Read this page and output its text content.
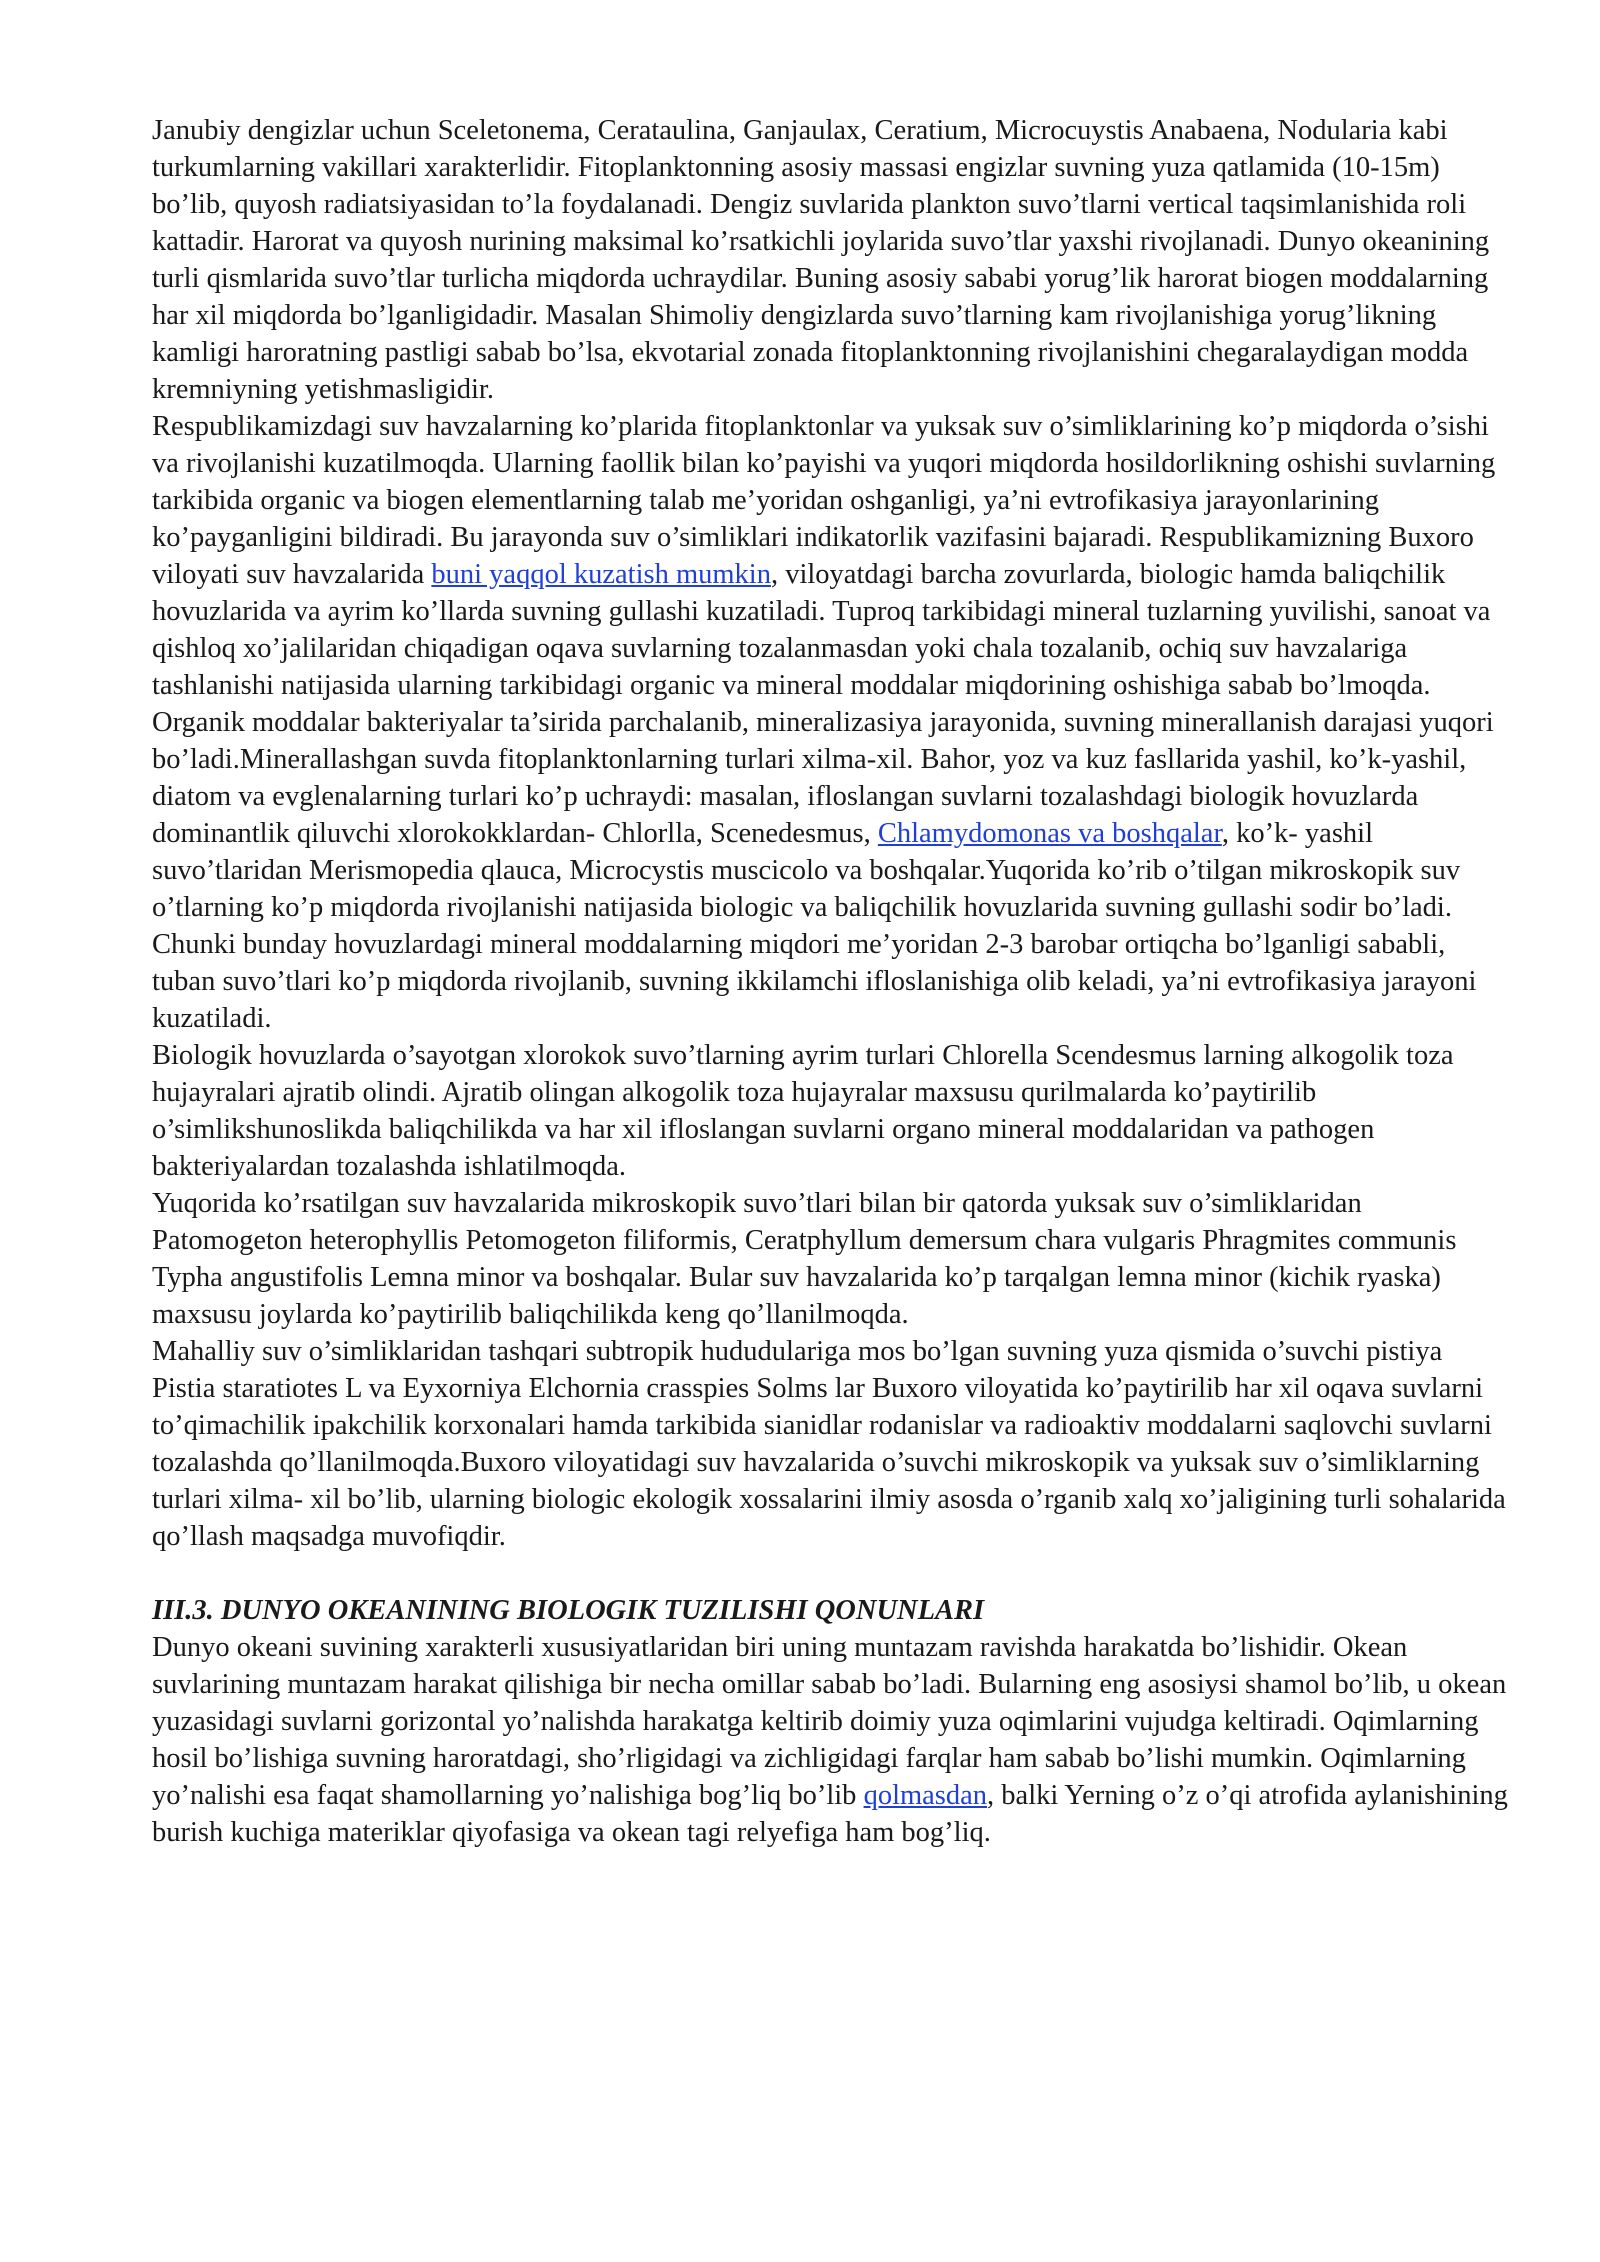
Janubiy dengizlar uchun Sceletonema, Cerataulina, Ganjaulax, Ceratium, Microcuystis Anabaena, Nodularia kabi turkumlarning vakillari xarakterlidir. Fitoplanktonning asosiy massasi engizlar suvning yuza qatlamida (10-15m) bo’lib, quyosh radiatsiyasidan to’la foydalanadi. Dengiz suvlarida plankton suvo’tlarni vertical taqsimlanishida roli kattadir. Harorat va quyosh nurining maksimal ko’rsatkichli joylarida suvo’tlar yaxshi rivojlanadi. Dunyo okeanining turli qismlarida suvo’tlar turlicha miqdorda uchraydilar. Buning asosiy sababi yorug’lik harorat biogen moddalarning har xil miqdorda bo’lganligidadir. Masalan Shimoliy dengizlarda suvo’tlarning kam rivojlanishiga yorug’likning kamligi haroratning pastligi sabab bo’lsa, ekvotarial zonada fitoplanktonning rivojlanishini chegaralaydigan modda kremniyning yetishmasligidir.

Respublikamizdagi suv havzalarning ko’plarida fitoplanktonlar va yuksak suv o’simliklarining ko’p miqdorda o’sishi va rivojlanishi kuzatilmoqda. Ularning faollik bilan ko’payishi va yuqori miqdorda hosildorlikning oshishi suvlarning tarkibida organic va biogen elementlarning talab me’yoridan oshganligi, ya’ni evtrofikasiya jarayonlarining ko’payganligini bildiradi. Bu jarayonda suv o’simliklari indikatorlik vazifasini bajaradi. Respublikamizning Buxoro viloyati suv havzalarida buni yaqqol kuzatish mumkin, viloyatdagi barcha zovurlarda, biologic hamda baliqchilik hovuzlarida va ayrim ko’llarda suvning gullashi kuzatiladi. Tuproq tarkibidagi mineral tuzlarning yuvilishi, sanoat va qishloq xo’jalilaridan chiqadigan oqava suvlarning tozalanmasdan yoki chala tozalanib, ochiq suv havzalariga tashlanishi natijasida ularning tarkibidagi organic va mineral moddalar miqdorining oshishiga sabab bo’lmoqda. Organik moddalar bakteriyalar ta’sirida parchalanib, mineralizasiya jarayonida, suvning minerallanish darajasi yuqori bo’ladi.Minerallashgan suvda fitoplanktonlarning turlari xilma-xil. Bahor, yoz va kuz fasllarida yashil, ko’k-yashil, diatom va evglenalarning turlari ko’p uchraydi: masalan, ifloslangan suvlarni tozalashdagi biologik hovuzlarda dominantlik qiluvchi xlorokokklardan- Chlorlla, Scenedesmus, Chlamydomonas va boshqalar, ko’k- yashil suvo’tlaridan Merismopedia qlauca, Microcystis muscicolo va boshqalar.Yuqorida ko’rib o’tilgan mikroskopik suv o’tlarning ko’p miqdorda rivojlanishi natijasida biologic va baliqchilik hovuzlarida suvning gullashi sodir bo’ladi. Chunki bunday hovuzlardagi mineral moddalarning miqdori me’yoridan 2-3 barobar ortiqcha bo’lganligi sababli, tuban suvo’tlari ko’p miqdorda rivojlanib, suvning ikkilamchi ifloslanishiga olib keladi, ya’ni evtrofikasiya jarayoni kuzatiladi.

Biologik hovuzlarda o’sayotgan xlorokok suvo’tlarning ayrim turlari Chlorella Scendesmus larning alkogolik toza hujayralari ajratib olindi. Ajratib olingan alkogolik toza hujayralar maxsusu qurilmalarda ko’paytirilib o’simlikshunoslikda baliqchilikda va har xil ifloslangan suvlarni organo mineral moddalaridan va pathogen bakteriyalardan tozalashda ishlatilmoqda.

Yuqorida ko’rsatilgan suv havzalarida mikroskopik suvo’tlari bilan bir qatorda yuksak suv o’simliklaridan Patomogeton heterophyllis Petomogeton filiformis, Ceratphyllum demersum chara vulgaris Phragmites communis Typha angustifolis Lemna minor va boshqalar. Bular suv havzalarida ko’p tarqalgan lemna minor (kichik ryaska) maxsusu joylarda ko’paytirilib baliqchilikda keng qo’llanilmoqda.

Mahalliy suv o’simliklaridan tashqari subtropik hududulariga mos bo’lgan suvning yuza qismida o’suvchi pistiya Pistia staratiotes L va Eyxorniya Elchornia crasspies Solms lar Buxoro viloyatida ko’paytirilib har xil oqava suvlarni to’qimachilik ipakchilik korxonalari hamda tarkibida sianidlar rodanislar va radioaktiv moddalarni saqlovchi suvlarni tozalashda qo’llanilmoqda.Buxoro viloyatidagi suv havzalarida o’suvchi mikroskopik va yuksak suv o’simliklarning turlari xilma- xil bo’lib, ularning biologic ekologik xossalarini ilmiy asosda o’rganib xalq xo’jaligining turli sohalarida qo’llash maqsadga muvofiqdir.

III.3. DUNYO OKEANINING BIOLOGIK TUZILISHI QONUNLARI

Dunyo okeani suvining xarakterli xususiyatlaridan biri uning muntazam ravishda harakatda bo’lishidir. Okean suvlarining muntazam harakat qilishiga bir necha omillar sabab bo’ladi. Bularning eng asosiysi shamol bo’lib, u okean yuzasidagi suvlarni gorizontal yo’nalishda harakatga keltirib doimiy yuza oqimlarini vujudga keltiradi. Oqimlarning hosil bo’lishiga suvning haroratdagi, sho’rligidagi va zichligidagi farqlar ham sabab bo’lishi mumkin. Oqimlarning yo’nalishi esa faqat shamollarning yo’nalishiga bog’liq bo’lib qolmasdan, balki Yerning o’z o’qi atrofida aylanishining burish kuchiga materiklar qiyofasiga va okean tagi relyefiga ham bog’liq.
